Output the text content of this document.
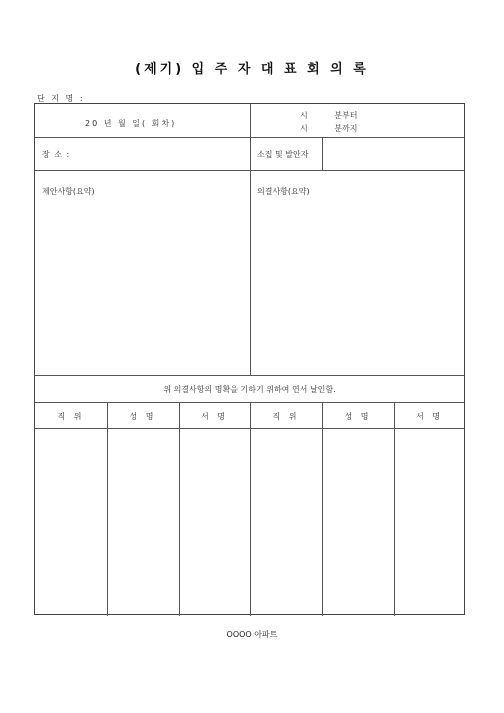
(제기) 입 주 자 대 표 회 의 록
단 지 명 :
20 년 월 일( 회차)
시 분부터
시 분까지
장 소 :	소집 및 발안자
제안사항(요약)	의결사항(요약)
위 의결사항의 명확을 기하기 위하여 연서 날인함.
직 위	성 명	서 명	직 위	성 명	서 명
OOOO 아파트
